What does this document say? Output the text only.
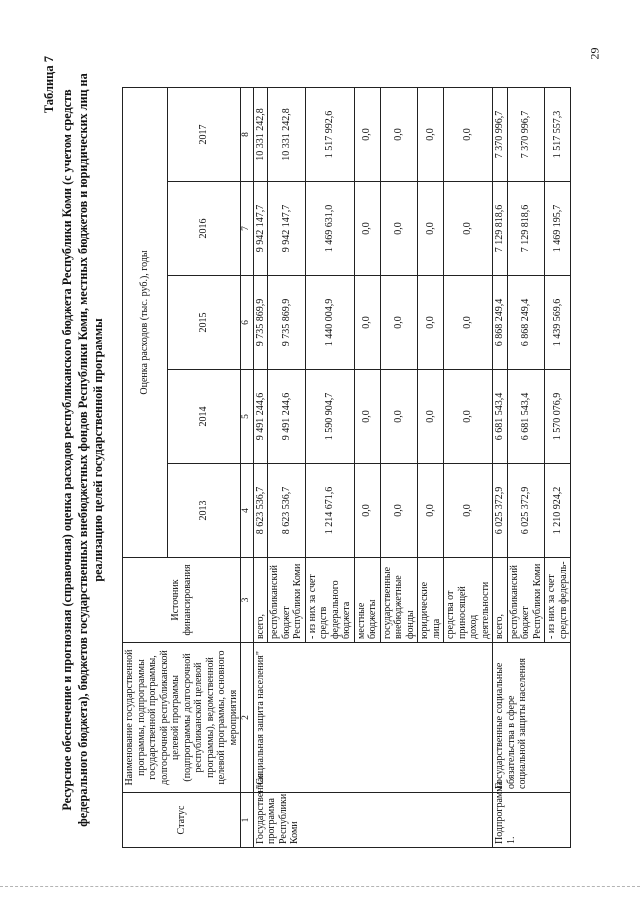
29
Таблица 7
Ресурсное обеспечение и прогнозная (справочная) оценка расходов республиканского бюджета Республики Коми (с учетом средств федерального бюджета), бюджетов государственных внебюджетных фондов Республики Коми, местных бюджетов и юридических лиц на реализацию целей государственной программы
Статус	Наименование государственной программы, подпрограммы государственной программы, долгосрочной республиканской целевой программы (подпрограммы долгосрочной республиканской целевой программы), ведомственной целевой программы, основного мероприятия	Источник финансирования	Оценка расходов (тыс. руб.), годы				
			2013	2014	2015	2016	2017
1	2	3	4	5	6	7	8
Государственная программа Республики Коми	"Социальная защита населения"	всего,	8 623 536,7	9 491 244,6	9 735 869,9	9 942 147,7	10 331 242,8
		республиканский бюджет Республики Коми	8 623 536,7	9 491 244,6	9 735 869,9	9 942 147,7	10 331 242,8
		- из них за счет средств федерального бюджета	1 214 671,6	1 590 904,7	1 440 004,9	1 469 631,0	1 517 992,6
		местные бюджеты	0,0	0,0	0,0	0,0	0,0
		государственные внебюджетные фонды	0,0	0,0	0,0	0,0	0,0
		юридические лица	0,0	0,0	0,0	0,0	0,0
		средства от приносящей доход деятельности	0,0	0,0	0,0	0,0	0,0
Подпрограмма 1.	Государственные социальные обязательства в сфере социальной защиты населения	всего,	6 025 372,9	6 681 543,4	6 868 249,4	7 129 818,6	7 370 996,7
		республиканский бюджет Республики Коми	6 025 372,9	6 681 543,4	6 868 249,4	7 129 818,6	7 370 996,7
		- из них за счет средств федераль-	1 210 924,2	1 570 076,9	1 439 569,6	1 469 195,7	1 517 557,3
